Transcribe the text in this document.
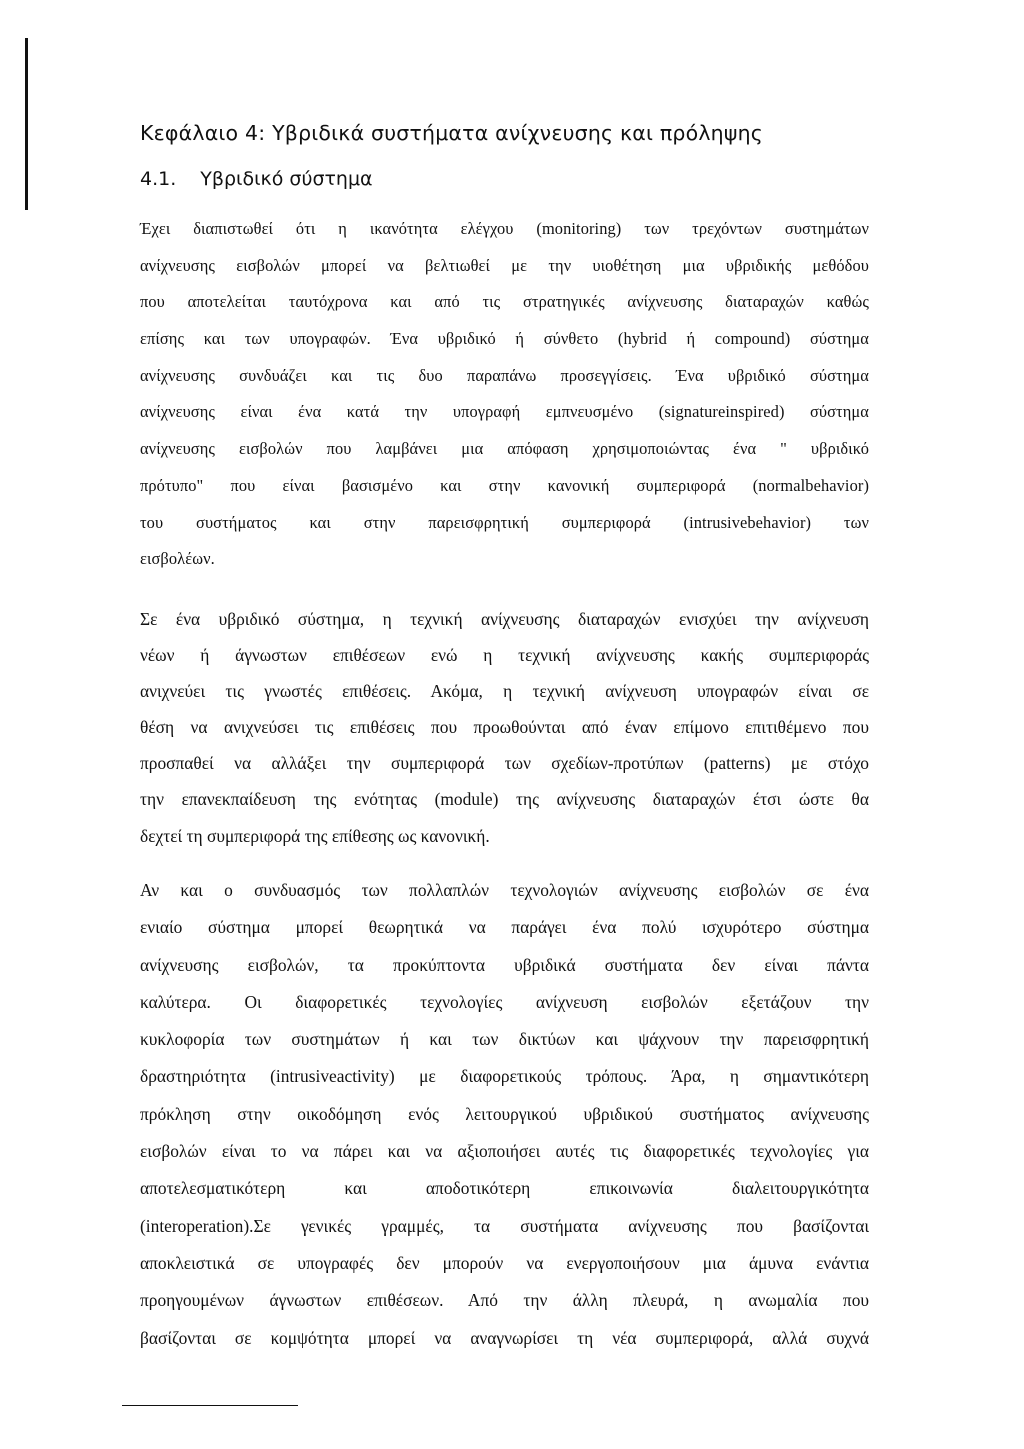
Κεφάλαιο 4: Υβριδικά συστήματα ανίχνευσης και πρόληψης
4.1. Υβριδικό σύστημα
Έχει διαπιστωθεί ότι η ικανότητα ελέγχου (monitoring) των τρεχόντων συστημάτων
ανίχνευσης εισβολών μπορεί να βελτιωθεί με την υιοθέτηση μια υβριδικής μεθόδου
που αποτελείται ταυτόχρονα και από τις στρατηγικές ανίχνευσης διαταραχών καθώς
επίσης και των υπογραφών. Ένα υβριδικό ή σύνθετο (hybrid ή compound) σύστημα
ανίχνευσης συνδυάζει και τις δυο παραπάνω προσεγγίσεις. Ένα υβριδικό σύστημα
ανίχνευσης είναι ένα κατά την υπογραφή εμπνευσμένο (signatureinspired) σύστημα
ανίχνευσης εισβολών που λαμβάνει μια απόφαση χρησιμοποιώντας ένα " υβριδικό
πρότυπο" που είναι βασισμένο και στην κανονική συμπεριφορά (normalbehavior)
του συστήματος και στην παρεισφρητική συμπεριφορά (intrusivebehavior) των
εισβολέων.
Σε ένα υβριδικό σύστημα, η τεχνική ανίχνευσης διαταραχών ενισχύει την ανίχνευση
νέων ή άγνωστων επιθέσεων ενώ η τεχνική ανίχνευσης κακής συμπεριφοράς
ανιχνεύει τις γνωστές επιθέσεις. Ακόμα, η τεχνική ανίχνευση υπογραφών είναι σε
θέση να ανιχνεύσει τις επιθέσεις που προωθούνται από έναν επίμονο επιτιθέμενο που
προσπαθεί να αλλάξει την συμπεριφορά των σχεδίων-προτύπων (patterns) με στόχο
την επανεκπαίδευση της ενότητας (module) της ανίχνευσης διαταραχών έτσι ώστε θα
δεχτεί τη συμπεριφορά της επίθεσης ως κανονική.
Αν και ο συνδυασμός των πολλαπλών τεχνολογιών ανίχνευσης εισβολών σε ένα
ενιαίο σύστημα μπορεί θεωρητικά να παράγει ένα πολύ ισχυρότερο σύστημα
ανίχνευσης εισβολών, τα προκύπτοντα υβριδικά συστήματα δεν είναι πάντα
καλύτερα. Οι διαφορετικές τεχνολογίες ανίχνευση εισβολών εξετάζουν την
κυκλοφορία των συστημάτων ή και των δικτύων και ψάχνουν την παρεισφρητική
δραστηριότητα (intrusiveactivity) με διαφορετικούς τρόπους. Άρα, η σημαντικότερη
πρόκληση στην οικοδόμηση ενός λειτουργικού υβριδικού συστήματος ανίχνευσης
εισβολών είναι το να πάρει και να αξιοποιήσει αυτές τις διαφορετικές τεχνολογίες για
αποτελεσματικότερη και αποδοτικότερη επικοινωνία διαλειτουργικότητα
(interoperation).Σε γενικές γραμμές, τα συστήματα ανίχνευσης που βασίζονται
αποκλειστικά σε υπογραφές δεν μπορούν να ενεργοποιήσουν μια άμυνα ενάντια
προηγουμένων άγνωστων επιθέσεων. Από την άλλη πλευρά, η ανωμαλία που
βασίζονται σε κομψότητα μπορεί να αναγνωρίσει τη νέα συμπεριφορά, αλλά συχνά
